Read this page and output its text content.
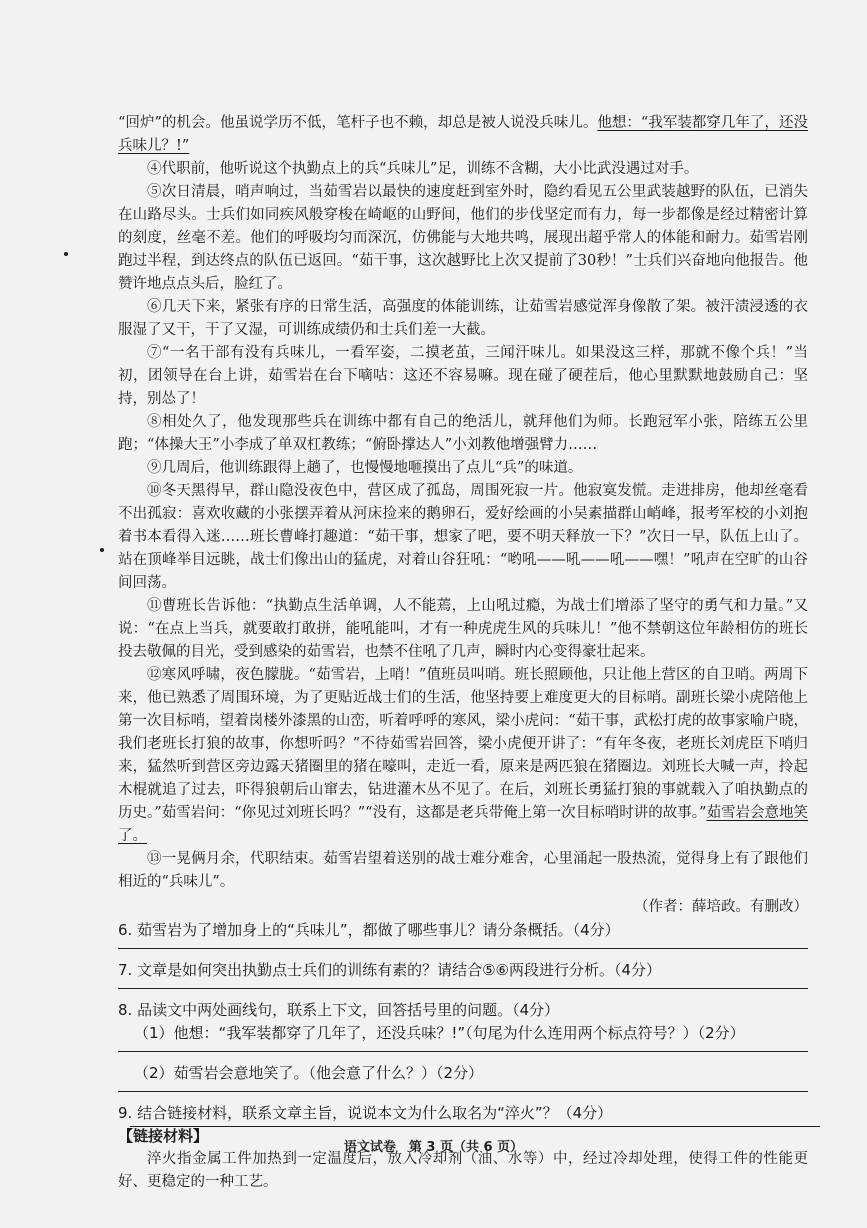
“回炉”的机会。他虽说学历不低，笔杆子也不赖，却总是被人说没兵味儿。他想：“我军装都穿几年了，还没兵味儿？!”

④代职前，他听说这个执勤点上的兵“兵味儿”足，训练不含糊，大小比武没遇过对手。

⑤次日清晨，哨声响过，当茹雪岩以最快的速度赶到室外时，隐约看见五公里武装越野的队伍，已消失在山路尽头。士兵们如同疾风般穿梭在崎岖的山野间，他们的步伐坚定而有力，每一步都像是经过精密计算的刻度，丝毫不差。他们的呼吸均匀而深沉，仿佛能与大地共鸣，展现出超乎常人的体能和耐力。茹雪岩刚跑过半程，到达终点的队伍已返回。“茹干事，这次越野比上次又提前了30秒！”士兵们兴奋地向他报告。他赞许地点点头后，脸红了。

⑥几天下来，紧张有序的日常生活，高强度的体能训练，让茹雪岩感觉浑身像散了架。被汗渍浸透的衣服湿了又干，干了又湿，可训练成绩仍和士兵们差一大截。

⑦“一名干部有没有兵味儿，一看军姿，二摸老茧，三闻汗味儿。如果没这三样，那就不像个兵！”当初，团领导在台上讲，茹雪岩在台下嘀咕：这还不容易嘛。现在碰了硬茬后，他心里默默地鼓励自己：坚持，别怂了！

⑧相处久了，他发现那些兵在训练中都有自己的绝活儿，就拜他们为师。长跑冠军小张，陪练五公里跑；“体操大王”小李成了单双杠教练；“俯卧撑达人”小刘教他增强臂力……

⑨几周后，他训练跟得上趟了，也慢慢地咂摸出了点儿“兵”的味道。

⑩冬天黑得早，群山隐没夜色中，营区成了孤岛，周围死寂一片。他寂寞发慌。走进排房，他却丝毫看不出孤寂：喜欢收藏的小张摆弄着从河床捡来的鹅卵石，爱好绘画的小吴素描群山峭峰，报考军校的小刘抱着书本看得入迷……班长曹峰打趣道：“茹干事，想家了吧，要不明天释放一下？”次日一早，队伍上山了。站在顶峰举目远眺，战士们像出山的猛虎，对着山谷狂吼：“哟吼——吼——吼——嘿！”吼声在空旷的山谷间回荡。

⑪曹班长告诉他：“执勤点生活单调，人不能蔫，上山吼过瘾，为战士们增添了坚守的勇气和力量。”又说：“在点上当兵，就要敢打敢拼，能吼能叫，才有一种虎虎生风的兵味儿！”他不禁朝这位年龄相仿的班长投去敬佩的目光，受到感染的茹雪岩，也禁不住吼了几声，瞬时内心变得豪壮起来。

⑫寒风呼啸，夜色朦胧。“茹雪岩，上哨！”值班员叫哨。班长照顾他，只让他上营区的自卫哨。两周下来，他已熟悉了周围环境，为了更贴近战士们的生活，他坚持要上难度更大的目标哨。副班长梁小虎陪他上第一次目标哨，望着岗楼外漆黑的山峦，听着呼呼的寒风，梁小虎问：“茹干事，武松打虎的故事家喻户晓，我们老班长打狼的故事，你想听吗？”不待茹雪岩回答，梁小虎便开讲了：“有年冬夜，老班长刘虎臣下哨归来，猛然听到营区旁边露天猪圈里的猪在嚎叫，走近一看，原来是两匹狼在猪圈边。刘班长大喊一声，拎起木棍就追了过去，吓得狼朝后山窜去，钻进灌木丛不见了。在后，刘班长勇猛打狼的事就载入了咱执勤点的历史。”茹雪岩问：“你见过刘班长吗？”“没有，这都是老兵带俺上第一次目标哨时讲的故事。”茹雪岩会意地笑了。

⑬一晃俩月余，代职结束。茹雪岩望着送别的战士难分难舍，心里涌起一股热流，觉得身上有了跟他们相近的“兵味儿”。

（作者：薛培政。有删改）

6. 茹雪岩为了增加身上的“兵味儿”，都做了哪些事儿？请分条概括。（4分）

7. 文章是如何突出执勤点士兵们的训练有素的？请结合⑤⑥两段进行分析。（4分）

8. 品读文中两处画线句，联系上下文，回答括号里的问题。（4分）

（1）他想：“我军装都穿了几年了，还没兵味？!”（句尾为什么连用两个标点符号？）（2分）

（2）茹雪岩会意地笑了。（他会意了什么？）（2分）

9. 结合链接材料，联系文章主旨，说说本文为什么取名为“淬火”？（4分）

【链接材料】

淬火指金属工件加热到一定温度后，放入冷却剂（油、水等）中，经过冷却处理，使得工件的性能更好、更稳定的一种工艺。

语文试卷　第 3 页（共 6 页）
